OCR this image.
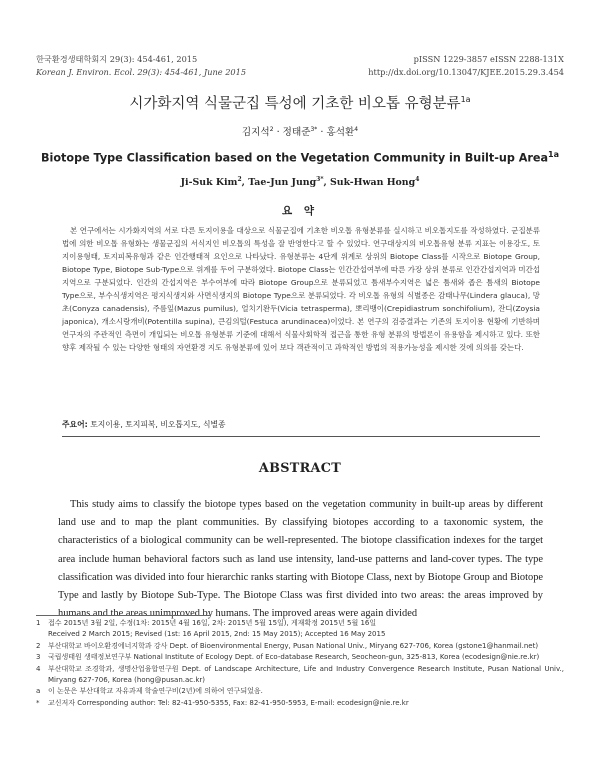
한국환경생태학회지 29(3): 454-461, 2015
Korean J. Environ. Ecol. 29(3): 454-461, June 2015
pISSN 1229-3857 eISSN 2288-131X
http://dx.doi.org/10.13047/KJEE.2015.29.3.454
시가화지역 식물군집 특성에 기초한 비오톱 유형분류$^{1a}$
김지석$^2$ · 정태준$^{3*}$ · 홍석환$^4$
Biotope Type Classification based on the Vegetation Community in Built-up Area$^{1a}$
Ji-Suk Kim$^2$, Tae-Jun Jung$^{3*}$, Suk-Hwan Hong$^4$
요 약
본 연구에서는 시가화지역의 서로 다른 토지이용을 대상으로 식물군집에 기초한 비오톱 유형분류를 실시하고 비오톱지도를 작성하였다. 군집분류법에 의한 비오톱 유형화는 생물군집의 서식지인 비오톱의 특성을 잘 반영한다고 할 수 있었다. 연구대상지의 비오톱유형 분류 지표는 이용강도, 토지이용형태, 토지피복유형과 같은 인간행태적 요인으로 나타났다. 유형분류는 4단계 위계로 상위의 Biotope Class를 시작으로 Biotope Group, Biotope Type, Biotope Sub-Type으로 위계를 두어 구분하였다. Biotope Class는 인간간섭여부에 따른 가장 상위 분류로 인간간섭지역과 미간섭지역으로 구분되었다. 인간의 간섭지역은 부수여부에 따라 Biotope Group으로 분류되었고 틈새부수지역은 넓은 틈새와 좁은 틈새의 Biotope Type으로, 부수식생지역은 평지식생지와 사면식생지의 Biotope Type으로 분류되었다. 각 비오톱 유형의 식별종은 감태나무(Lindera glauca), 망초(Conyza canadensis), 주름잎(Mazus pumilus), 얼치기완두(Vicia tetrasperma), 뽀리뱅이(Crepidiastrum sonchifolium), 잔디(Zoysia japonica), 개소시랑개비(Potentilla supina), 큰김의털(Festuca arundinacea)이었다. 본 연구의 검증결과는 기존의 토지이용 현황에 기반하며 연구자의 주관적인 측면이 개입되는 비오톱 유형분류 기준에 대해서 식물사회학적 접근을 통한 유형 분류의 방법론이 유용함을 제시하고 있다. 또한 향후 제작될 수 있는 다양한 형태의 자연환경 지도 유형분류에 있어 보다 객관적이고 과학적인 방법의 적용가능성을 제시한 것에 의의를 갖는다.
주요어: 토지이용, 토지피복, 비오톱지도, 식별종
ABSTRACT
This study aims to classify the biotope types based on the vegetation community in built-up areas by different land use and to map the plant communities. By classifying biotopes according to a taxonomic system, the characteristics of a biological community can be well-represented. The biotope classification indexes for the target area include human behavioral factors such as land use intensity, land-use patterns and land-cover types. The type classification was divided into four hierarchic ranks starting with Biotope Class, next by Biotope Group and Biotope Type and lastly by Biotope Sub-Type. The Biotope Class was first divided into two areas: the areas improved by humans and the areas unimproved by humans. The improved areas were again divided
1 접수 2015년 3월 2일, 수정(1차: 2015년 4월 16일, 2차: 2015년 5월 15일), 게재확정 2015년 5월 16일
Received 2 March 2015; Revised (1st: 16 April 2015, 2nd: 15 May 2015); Accepted 16 May 2015
2 부산대학교 바이오환경에너지학과 강사 Dept. of Bioenvironmental Energy, Pusan National Univ., Miryang 627-706, Korea (gstone1@hanmail.net)
3 국립생태원 생태정보연구부 National Institute of Ecology Dept. of Eco-database Research, Seocheon-gun, 325-813, Korea (ecodesign@nie.re.kr)
4 부산대학교 조경학과, 생명산업융합연구원 Dept. of Landscape Architecture, Life and Industry Convergence Research Institute, Pusan National Univ., Miryang 627-706, Korea (hong@pusan.ac.kr)
a 이 논문은 부산대학교 자유과제 학술연구비(2년)에 의하여 연구되었음.
* 교신저자 Corresponding author: Tel: 82-41-950-5355, Fax: 82-41-950-5953, E-mail: ecodesign@nie.re.kr
